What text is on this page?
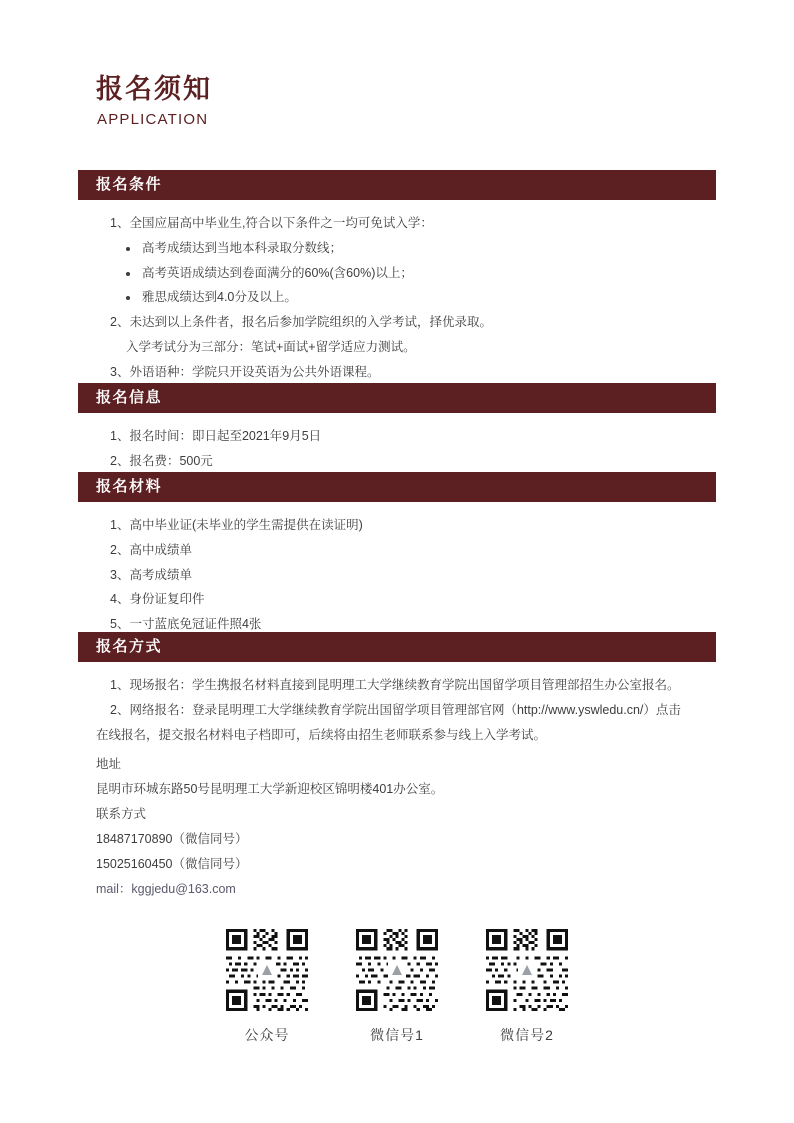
报名须知
APPLICATION
报名条件

1、全国应届高中毕业生,符合以下条件之一均可免试入学：

高考成绩达到当地本科录取分数线；

高考英语成绩达到卷面满分的60%(含60%)以上；

雅思成绩达到4.0分及以上。

2、未达到以上条件者，报名后参加学院组织的入学考试，择优录取。

入学考试分为三部分：笔试+面试+留学适应力测试。

3、外语语种：学院只开设英语为公共外语课程。

报名信息

1、报名时间：即日起至2021年9月5日

2、报名费：500元

报名材料

1、高中毕业证(未毕业的学生需提供在读证明)

2、高中成绩单

3、高考成绩单

4、身份证复印件

5、一寸蓝底免冠证件照4张

报名方式

1、现场报名：学生携报名材料直接到昆明理工大学继续教育学院出国留学项目管理部招生办公室报名。

2、网络报名：登录昆明理工大学继续教育学院出国留学项目管理部官网（http://www.yswledu.cn/）点击

在线报名，提交报名材料电子档即可，后续将由招生老师联系参与线上入学考试。

地址
昆明市环城东路50号昆明理工大学新迎校区锦明楼401办公室。
联系方式
18487170890（微信同号）
15025160450（微信同号）
mail：kggjedu@163.com
公众号	微信号1	微信号2
